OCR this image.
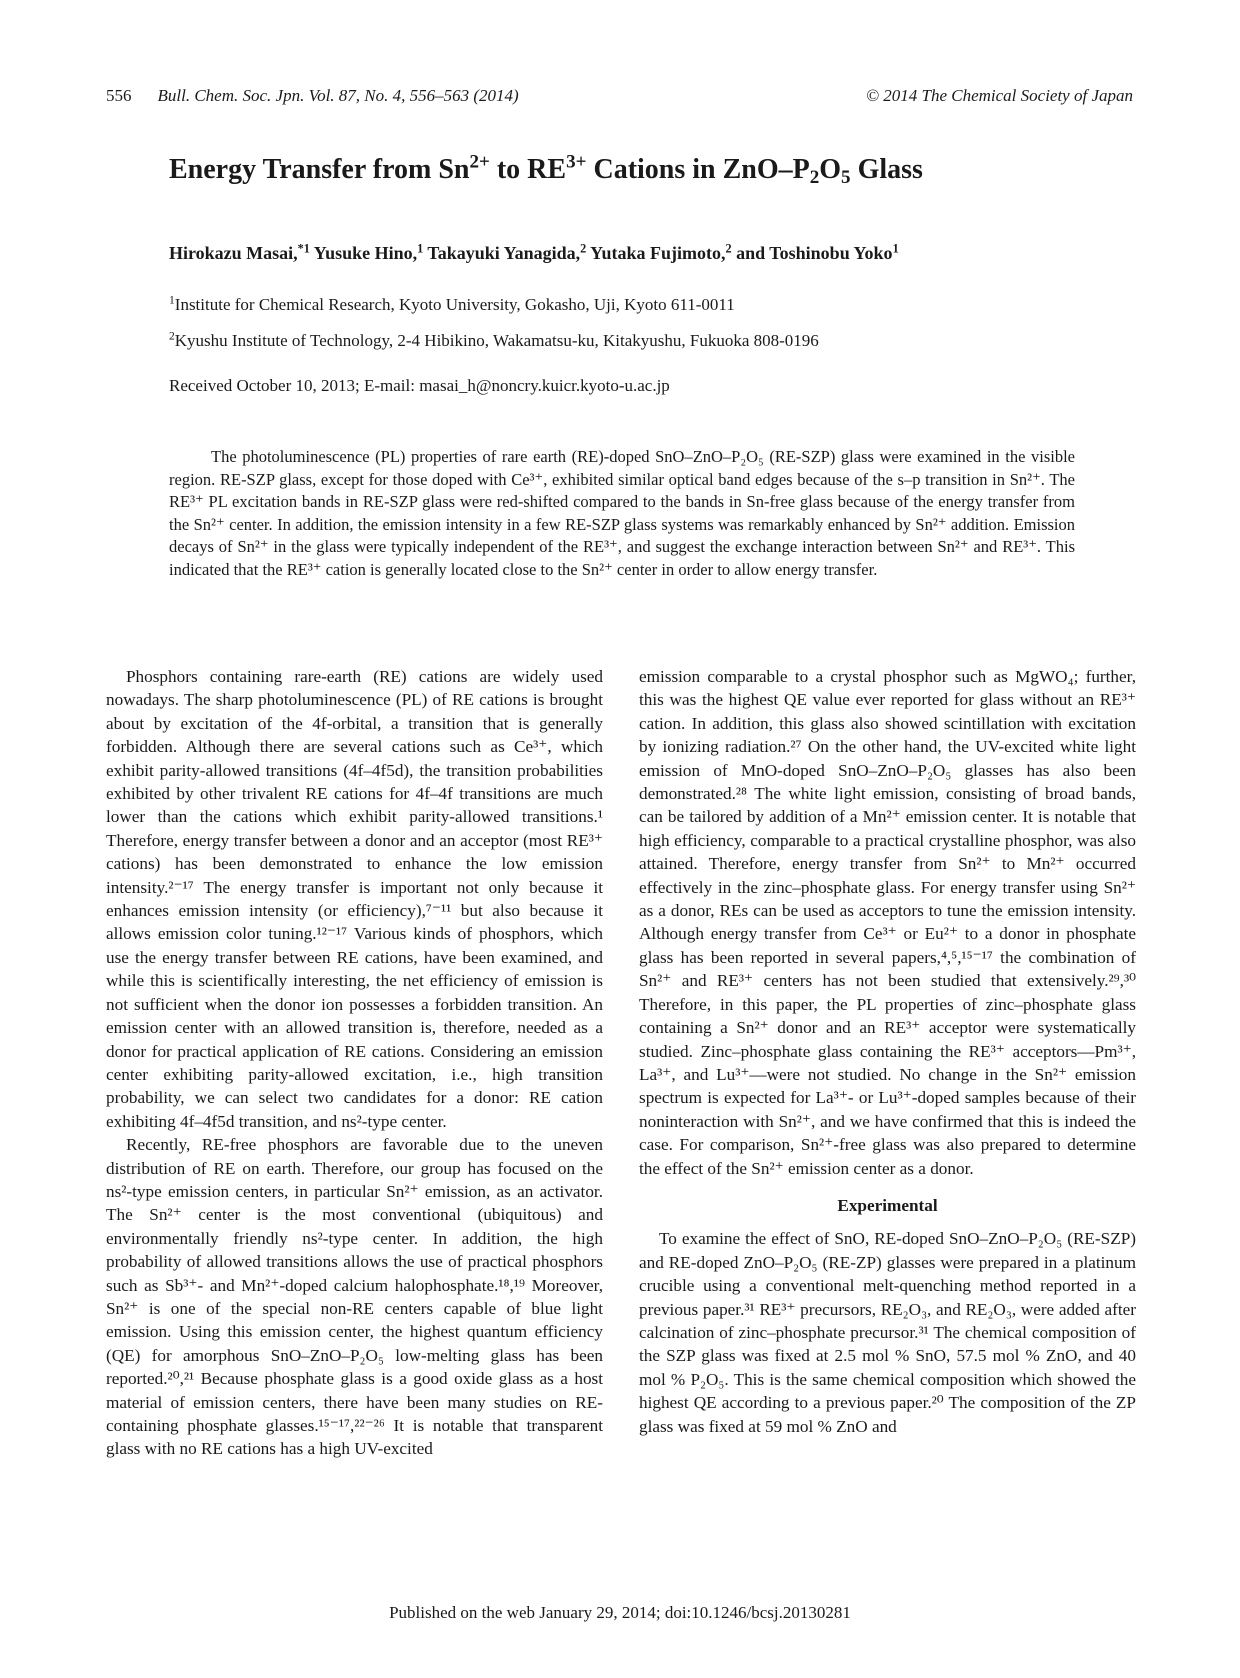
556 Bull. Chem. Soc. Jpn. Vol. 87, No. 4, 556–563 (2014)	© 2014 The Chemical Society of Japan
Energy Transfer from $Sn^{2+}$ to $RE^{3+}$ Cations in ZnO–$P_2O_5$ Glass
Hirokazu Masai,$^{*1}$ Yusuke Hino,$^1$ Takayuki Yanagida,$^2$ Yutaka Fujimoto,$^2$ and Toshinobu Yoko$^1$
$^1$Institute for Chemical Research, Kyoto University, Gokasho, Uji, Kyoto 611-0011
$^2$Kyushu Institute of Technology, 2-4 Hibikino, Wakamatsu-ku, Kitakyushu, Fukuoka 808-0196
Received October 10, 2013; E-mail: masai_h@noncry.kuicr.kyoto-u.ac.jp

The photoluminescence (PL) properties of rare earth (RE)-doped SnO–ZnO–P₂O₅ (RE-SZP) glass were examined in the visible region. RE-SZP glass, except for those doped with Ce³⁺, exhibited similar optical band edges because of the s–p transition in Sn²⁺. The RE³⁺ PL excitation bands in RE-SZP glass were red-shifted compared to the bands in Sn-free glass because of the energy transfer from the Sn²⁺ center. In addition, the emission intensity in a few RE-SZP glass systems was remarkably enhanced by Sn²⁺ addition. Emission decays of Sn²⁺ in the glass were typically independent of the RE³⁺, and suggest the exchange interaction between Sn²⁺ and RE³⁺. This indicated that the RE³⁺ cation is generally located close to the Sn²⁺ center in order to allow energy transfer.

Phosphors containing rare-earth (RE) cations are widely used nowadays. The sharp photoluminescence (PL) of RE cations is brought about by excitation of the 4f-orbital, a transition that is generally forbidden. Although there are several cations such as Ce³⁺, which exhibit parity-allowed transitions (4f–4f5d), the transition probabilities exhibited by other trivalent RE cations for 4f–4f transitions are much lower than the cations which exhibit parity-allowed transitions.¹ Therefore, energy transfer between a donor and an acceptor (most RE³⁺ cations) has been demonstrated to enhance the low emission intensity.²⁻¹⁷ The energy transfer is important not only because it enhances emission intensity (or efficiency),⁷⁻¹¹ but also because it allows emission color tuning.¹²⁻¹⁷ Various kinds of phosphors, which use the energy transfer between RE cations, have been examined, and while this is scientifically interesting, the net efficiency of emission is not sufficient when the donor ion possesses a forbidden transition. An emission center with an allowed transition is, therefore, needed as a donor for practical application of RE cations. Considering an emission center exhibiting parity-allowed excitation, i.e., high transition probability, we can select two candidates for a donor: RE cation exhibiting 4f–4f5d transition, and ns²-type center.

Recently, RE-free phosphors are favorable due to the uneven distribution of RE on earth. Therefore, our group has focused on the ns²-type emission centers, in particular Sn²⁺ emission, as an activator. The Sn²⁺ center is the most conventional (ubiquitous) and environmentally friendly ns²-type center. In addition, the high probability of allowed transitions allows the use of practical phosphors such as Sb³⁺- and Mn²⁺-doped calcium halophosphate.¹⁸,¹⁹ Moreover, Sn²⁺ is one of the special non-RE centers capable of blue light emission. Using this emission center, the highest quantum efficiency (QE) for amorphous SnO–ZnO–P₂O₅ low-melting glass has been reported.²⁰,²¹ Because phosphate glass is a good oxide glass as a host material of emission centers, there have been many studies on RE-containing phosphate glasses.¹⁵⁻¹⁷,²²⁻²⁶ It is notable that transparent glass with no RE cations has a high UV-excited

emission comparable to a crystal phosphor such as MgWO₄; further, this was the highest QE value ever reported for glass without an RE³⁺ cation. In addition, this glass also showed scintillation with excitation by ionizing radiation.²⁷ On the other hand, the UV-excited white light emission of MnO-doped SnO–ZnO–P₂O₅ glasses has also been demonstrated.²⁸ The white light emission, consisting of broad bands, can be tailored by addition of a Mn²⁺ emission center. It is notable that high efficiency, comparable to a practical crystalline phosphor, was also attained. Therefore, energy transfer from Sn²⁺ to Mn²⁺ occurred effectively in the zinc–phosphate glass. For energy transfer using Sn²⁺ as a donor, REs can be used as acceptors to tune the emission intensity. Although energy transfer from Ce³⁺ or Eu²⁺ to a donor in phosphate glass has been reported in several papers,⁴,⁵,¹⁵⁻¹⁷ the combination of Sn²⁺ and RE³⁺ centers has not been studied that extensively.²⁹,³⁰ Therefore, in this paper, the PL properties of zinc–phosphate glass containing a Sn²⁺ donor and an RE³⁺ acceptor were systematically studied. Zinc–phosphate glass containing the RE³⁺ acceptors—Pm³⁺, La³⁺, and Lu³⁺—were not studied. No change in the Sn²⁺ emission spectrum is expected for La³⁺- or Lu³⁺-doped samples because of their noninteraction with Sn²⁺, and we have confirmed that this is indeed the case. For comparison, Sn²⁺-free glass was also prepared to determine the effect of the Sn²⁺ emission center as a donor.

Experimental

To examine the effect of SnO, RE-doped SnO–ZnO–P₂O₅ (RE-SZP) and RE-doped ZnO–P₂O₅ (RE-ZP) glasses were prepared in a platinum crucible using a conventional melt-quenching method reported in a previous paper.³¹ RE³⁺ precursors, RE₂O₃, and RE₂O₃, were added after calcination of zinc–phosphate precursor.³¹ The chemical composition of the SZP glass was fixed at 2.5 mol % SnO, 57.5 mol % ZnO, and 40 mol % P₂O₅. This is the same chemical composition which showed the highest QE according to a previous paper.²⁰ The composition of the ZP glass was fixed at 59 mol % ZnO and

Published on the web January 29, 2014; doi:10.1246/bcsj.20130281
